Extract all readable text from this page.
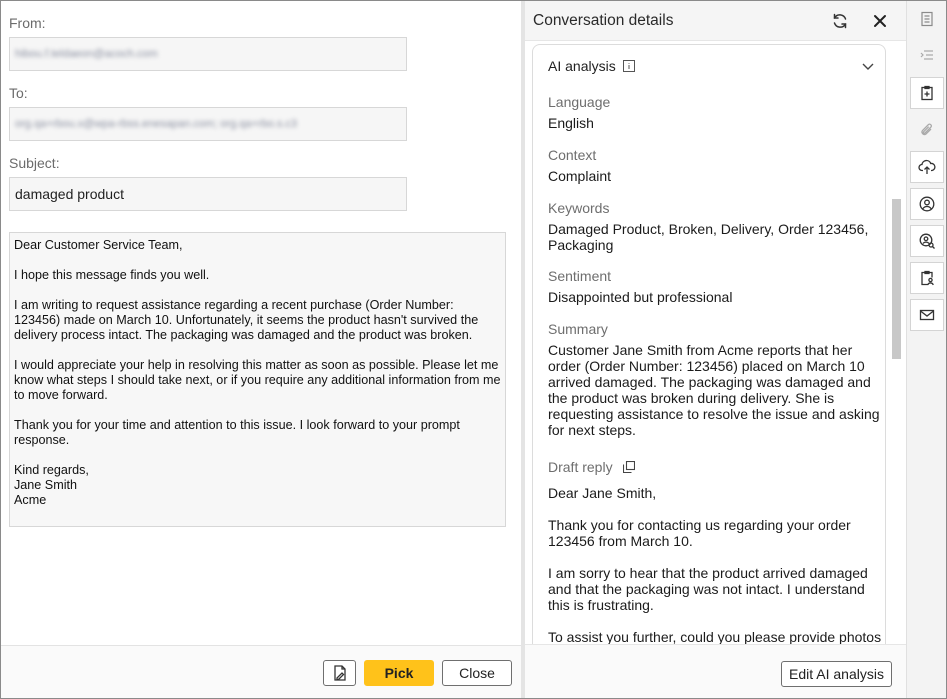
From:
hibou.f.teldaeon@acoch.com
To:
org.qa+rbou.x@wpa-rbss.enesapan.com; org.qa+rbo.s.c3
Subject:
damaged product

Dear Customer Service Team,

I hope this message finds you well.

I am writing to request assistance regarding a recent purchase (Order Number: 123456) made on March 10. Unfortunately, it seems the product hasn't survived the delivery process intact. The packaging was damaged and the product was broken.

I would appreciate your help in resolving this matter as soon as possible. Please let me know what steps I should take next, or if you require any additional information from me to move forward.

Thank you for your time and attention to this issue. I look forward to your prompt response.

Kind regards,
Jane Smith
Acme

Pick	Close
Conversation details
AI analysis
Language
English
Context
Complaint
Keywords
Damaged Product, Broken, Delivery, Order 123456, Packaging
Sentiment
Disappointed but professional
Summary
Customer Jane Smith from Acme reports that her order (Order Number: 123456) placed on March 10 arrived damaged. The packaging was damaged and the product was broken during delivery. She is requesting assistance to resolve the issue and asking for next steps.
Draft reply

Dear Jane Smith,

Thank you for contacting us regarding your order 123456 from March 10.

I am sorry to hear that the product arrived damaged and that the packaging was not intact. I understand this is frustrating.

To assist you further, could you please provide photos

Edit AI analysis
